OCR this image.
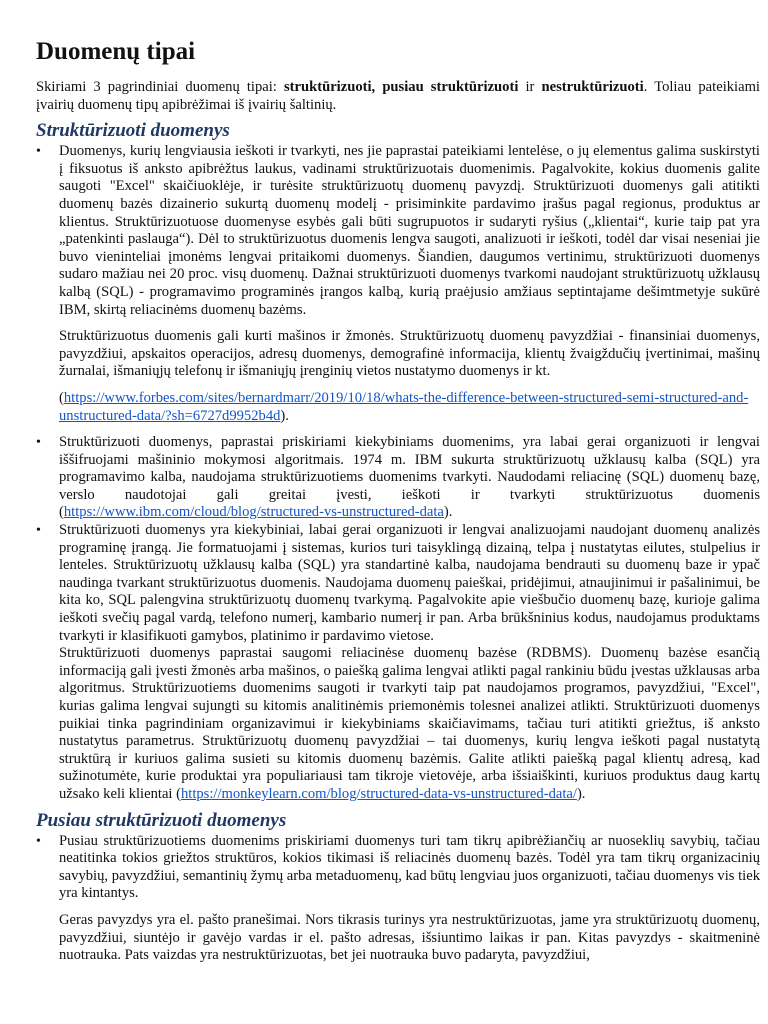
Duomenų tipai

Skiriami 3 pagrindiniai duomenų tipai: struktūrizuoti, pusiau struktūrizuoti ir nestruktūrizuoti. Toliau pateikiami įvairių duomenų tipų apibrėžimai iš įvairių šaltinių.

Struktūrizuoti duomenys

• Duomenys, kurių lengviausia ieškoti ir tvarkyti, nes jie paprastai pateikiami lentelėse, o jų elementus galima suskirstyti į fiksuotus iš anksto apibrėžtus laukus, vadinami struktūrizuotais duomenimis. Pagalvokite, kokius duomenis galite saugoti "Excel" skaičiuoklėje, ir turėsite struktūrizuotų duomenų pavyzdį. Struktūrizuoti duomenys gali atitikti duomenų bazės dizainerio sukurtą duomenų modelį - prisiminkite pardavimo įrašus pagal regionus, produktus ar klientus. Struktūrizuotuose duomenyse esybės gali būti sugrupuotos ir sudaryti ryšius („klientai“, kurie taip pat yra „patenkinti paslauga“). Dėl to struktūrizuotus duomenis lengva saugoti, analizuoti ir ieškoti, todėl dar visai neseniai jie buvo vieninteliai įmonėms lengvai pritaikomi duomenys. Šiandien, daugumos vertinimu, struktūrizuoti duomenys sudaro mažiau nei 20 proc. visų duomenų. Dažnai struktūrizuoti duomenys tvarkomi naudojant struktūrizuotų užklausų kalbą (SQL) - programavimo programinės įrangos kalbą, kurią praėjusio amžiaus septintajame dešimtmetyje sukūrė IBM, skirtą reliacinėms duomenų bazėms.

Struktūrizuotus duomenis gali kurti mašinos ir žmonės. Struktūrizuotų duomenų pavyzdžiai - finansiniai duomenys, pavyzdžiui, apskaitos operacijos, adresų duomenys, demografinė informacija, klientų žvaigždučių įvertinimai, mašinų žurnalai, išmaniųjų telefonų ir išmaniųjų įrenginių vietos nustatymo duomenys ir kt.

(https://www.forbes.com/sites/bernardmarr/2019/10/18/whats-the-difference-between-structured-semi-structured-and-unstructured-data/?sh=6727d9952b4d).

• Struktūrizuoti duomenys, paprastai priskiriami kiekybiniams duomenims, yra labai gerai organizuoti ir lengvai iššifruojami mašininio mokymosi algoritmais. 1974 m. IBM sukurta struktūrizuotų užklausų kalba (SQL) yra programavimo kalba, naudojama struktūrizuotiems duomenims tvarkyti. Naudodami reliacinę (SQL) duomenų bazę, verslo naudotojai gali greitai įvesti, ieškoti ir tvarkyti struktūrizuotus duomenis (https://www.ibm.com/cloud/blog/structured-vs-unstructured-data).

• Struktūrizuoti duomenys yra kiekybiniai, labai gerai organizuoti ir lengvai analizuojami naudojant duomenų analizės programinę įrangą. Jie formatuojami į sistemas, kurios turi taisyklingą dizainą, telpa į nustatytas eilutes, stulpelius ir lenteles. Struktūrizuotų užklausų kalba (SQL) yra standartinė kalba, naudojama bendrauti su duomenų baze ir ypač naudinga tvarkant struktūrizuotus duomenis. Naudojama duomenų paieškai, pridėjimui, atnaujinimui ir pašalinimui, be kita ko, SQL palengvina struktūrizuotų duomenų tvarkymą. Pagalvokite apie viešbučio duomenų bazę, kurioje galima ieškoti svečių pagal vardą, telefono numerį, kambario numerį ir pan. Arba brūkšninius kodus, naudojamus produktams tvarkyti ir klasifikuoti gamybos, platinimo ir pardavimo vietose.

Struktūrizuoti duomenys paprastai saugomi reliacinėse duomenų bazėse (RDBMS). Duomenų bazėse esančią informaciją gali įvesti žmonės arba mašinos, o paiešką galima lengvai atlikti pagal rankiniu būdu įvestas užklausas arba algoritmus. Struktūrizuotiems duomenims saugoti ir tvarkyti taip pat naudojamos programos, pavyzdžiui, "Excel", kurias galima lengvai sujungti su kitomis analitinėmis priemonėmis tolesnei analizei atlikti. Struktūrizuoti duomenys puikiai tinka pagrindiniam organizavimui ir kiekybiniams skaičiavimams, tačiau turi atitikti griežtus, iš anksto nustatytus parametrus. Struktūrizuotų duomenų pavyzdžiai – tai duomenys, kurių lengva ieškoti pagal nustatytą struktūrą ir kuriuos galima susieti su kitomis duomenų bazėmis. Galite atlikti paiešką pagal klientų adresą, kad sužinotumėte, kurie produktai yra populiariausi tam tikroje vietovėje, arba išsiaiškinti, kuriuos produktus daug kartų užsako keli klientai (https://monkeylearn.com/blog/structured-data-vs-unstructured-data/).

Pusiau struktūrizuoti duomenys

• Pusiau struktūrizuotiems duomenims priskiriami duomenys turi tam tikrų apibrėžiančių ar nuoseklių savybių, tačiau neatitinka tokios griežtos struktūros, kokios tikimasi iš reliacinės duomenų bazės. Todėl yra tam tikrų organizacinių savybių, pavyzdžiui, semantinių žymų arba metaduomenų, kad būtų lengviau juos organizuoti, tačiau duomenys vis tiek yra kintantys.

Geras pavyzdys yra el. pašto pranešimai. Nors tikrasis turinys yra nestruktūrizuotas, jame yra struktūrizuotų duomenų, pavyzdžiui, siuntėjo ir gavėjo vardas ir el. pašto adresas, išsiuntimo laikas ir pan. Kitas pavyzdys - skaitmeninė nuotrauka. Pats vaizdas yra nestruktūrizuotas, bet jei nuotrauka buvo padaryta, pavyzdžiui,
